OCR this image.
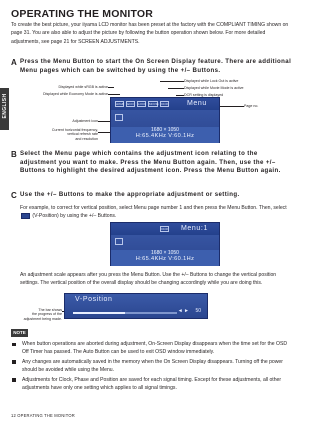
ENGLISH
OPERATING THE MONITOR
To create the best picture, your iiyama LCD monitor has been preset at the factory with the COMPLIANT TIMING shown on page 31. You are also able to adjust the picture by following the button operation shown below. For more detailed adjustments, see page 21 for SCREEN ADJUSTMENTS.
A Press the Menu Button to start the On Screen Display feature. There are additional Menu pages which can be switched by using the +/– Buttons.
Displayed while sRGB is active
Displayed while Economy Mode is active
Displayed while Lock Out is active
Displayed while Movie Mode is active
DCR setting is displayed
Page no.
Adjustment icon
Current horizontal frequency,
vertical refresh rate
and resolution
sRGB	ECO	LOCK MOVIE DCR	Menu
1680 × 1050
H:65.4KHz V:60.1Hz
B Select the Menu page which contains the adjustment icon relating to the adjustment you want to make. Press the Menu Button again. Then, use the +/– Buttons to highlight the desired adjustment icon. Press the Menu Button again.
C Use the +/– Buttons to make the appropriate adjustment or setting.
For example, to correct for vertical position, select Menu page number 1 and then press the Menu Button. Then, select  (V-Position) by using the +/– Buttons.
DCR Menu:1
1680 × 1050
H:65.4KHz V:60.1Hz
An adjustment scale appears after you press the Menu Button. Use the +/– Buttons to change the vertical position settings. The vertical position of the overall display should be changing accordingly while you are doing this.
The bar shows
the progress of the
adjustment being made.
V-Position
◄ ► 50
NOTE
When button operations are aborted during adjustment, On-Screen Display disappears when the time set for the OSD Off Timer has passed. The Auto Button can be used to exit OSD window immediately.
Any changes are automatically saved in the memory when the On Screen Display disappears. Turning off the power should be avoided while using the Menu.
Adjustments for Clock, Phase and Position are saved for each signal timing. Except for these adjustments, all other adjustments have only one setting which applies to all signal timings.
12 OPERATING THE MONITOR
